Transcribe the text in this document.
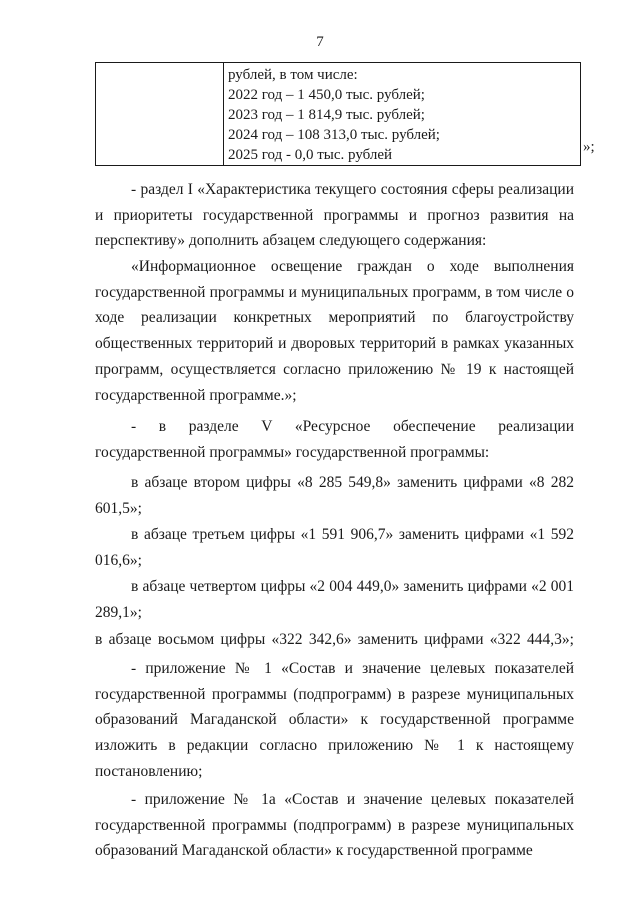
7

рублей, в том числе:
2022 год – 1 450,0 тыс. рублей;
2023 год – 1 814,9 тыс. рублей;
2024 год – 108 313,0 тыс. рублей;
2025 год - 0,0 тыс. рублей	»;

- раздел I «Характеристика текущего состояния сферы реализации и приоритеты государственной программы и прогноз развития на перспективу» дополнить абзацем следующего содержания:

«Информационное освещение граждан о ходе выполнения государственной программы и муниципальных программ, в том числе о ходе реализации конкретных мероприятий по благоустройству общественных территорий и дворовых территорий в рамках указанных программ, осуществляется согласно приложению № 19 к настоящей государственной программе.»;

- в разделе V «Ресурсное обеспечение реализации государственной программы» государственной программы:

в абзаце втором цифры «8 285 549,8» заменить цифрами «8 282 601,5»;

в абзаце третьем цифры «1 591 906,7» заменить цифрами «1 592 016,6»;

в абзаце четвертом цифры «2 004 449,0» заменить цифрами «2 001 289,1»;

в абзаце восьмом цифры «322 342,6» заменить цифрами «322 444,3»;

- приложение № 1 «Состав и значение целевых показателей государственной программы (подпрограмм) в разрезе муниципальных образований Магаданской области» к государственной программе изложить в редакции согласно приложению № 1 к настоящему постановлению;

- приложение № 1а «Состав и значение целевых показателей государственной программы (подпрограмм) в разрезе муниципальных образований Магаданской области» к государственной программе
